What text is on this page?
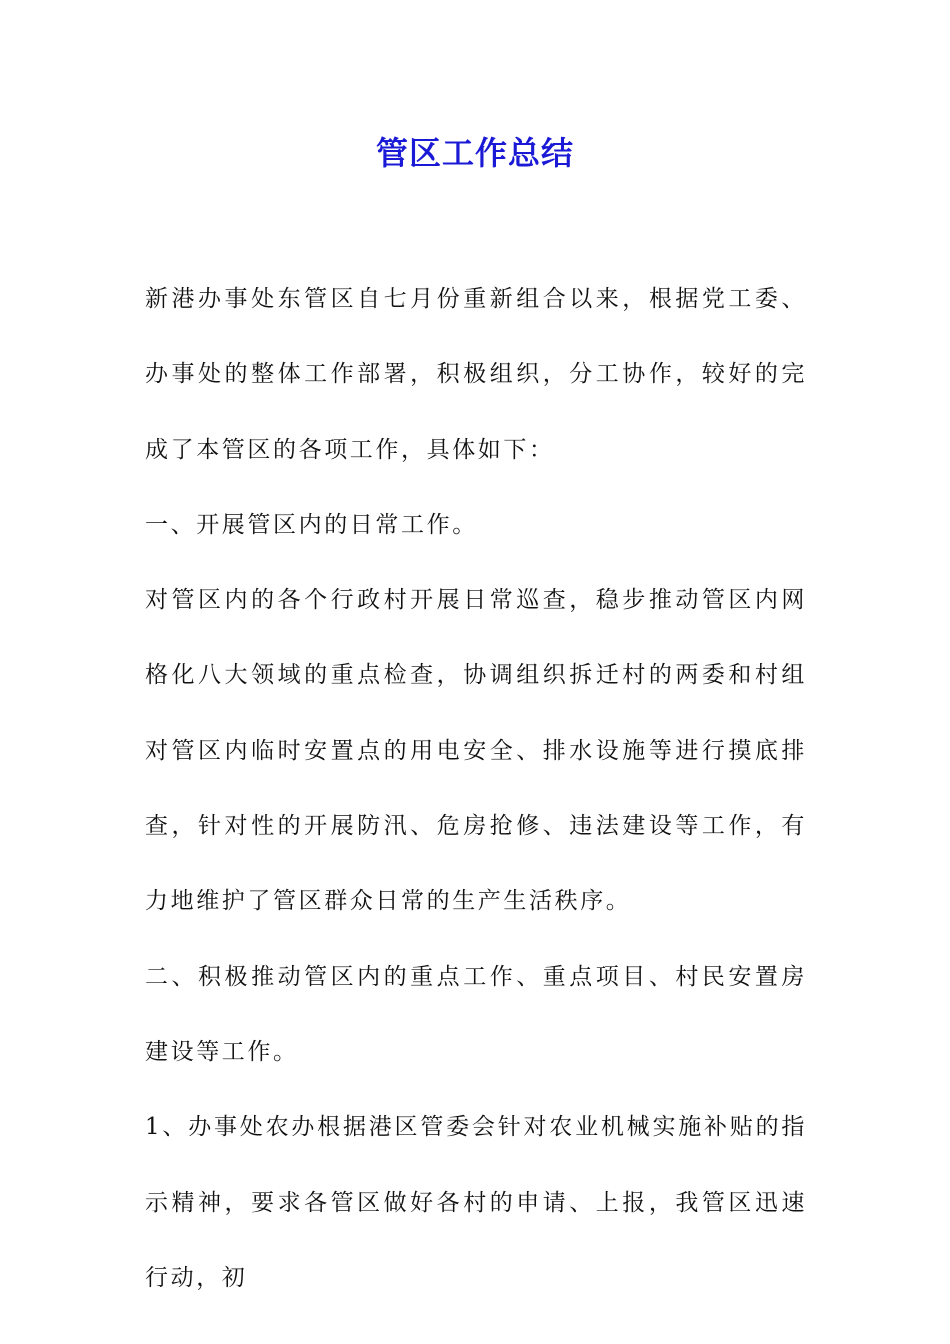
管区工作总结

新港办事处东管区自七月份重新组合以来，根据党工委、办事处的整体工作部署，积极组织，分工协作，较好的完成了本管区的各项工作，具体如下：

一、开展管区内的日常工作。

对管区内的各个行政村开展日常巡查，稳步推动管区内网格化八大领域的重点检查，协调组织拆迁村的两委和村组对管区内临时安置点的用电安全、排水设施等进行摸底排查，针对性的开展防汛、危房抢修、违法建设等工作，有力地维护了管区群众日常的生产生活秩序。

二、积极推动管区内的重点工作、重点项目、村民安置房建设等工作。

1、办事处农办根据港区管委会针对农业机械实施补贴的指示精神，要求各管区做好各村的申请、上报，我管区迅速行动，初
